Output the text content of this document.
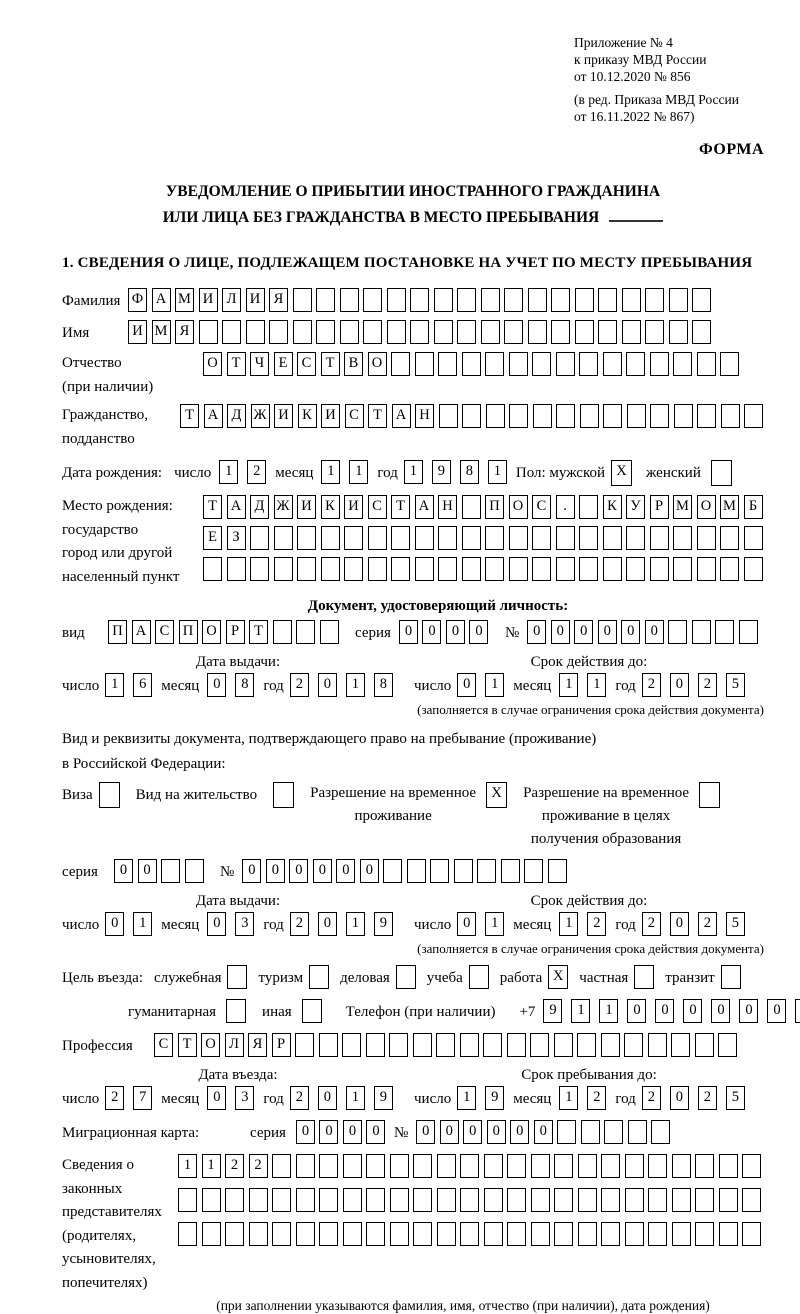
Приложение № 4
к приказу МВД России
от 10.12.2020 № 856
(в ред. Приказа МВД России
от 16.11.2022 № 867)
ФОРМА
УВЕДОМЛЕНИЕ О ПРИБЫТИИ ИНОСТРАННОГО ГРАЖДАНИНА
ИЛИ ЛИЦА БЕЗ ГРАЖДАНСТВА В МЕСТО ПРЕБЫВАНИЯ
1. СВЕДЕНИЯ О ЛИЦЕ, ПОДЛЕЖАЩЕМ ПОСТАНОВКЕ НА УЧЕТ ПО МЕСТУ ПРЕБЫВАНИЯ
Фамилия Ф А М И Л И Я
Имя	И М Я
Отчество
(при наличии)
О Т Ч Е С Т В О
Гражданство,
подданство
Т А Д Ж И К И С Т А Н
Дата рождения: число 1	2 месяц 1	1 год 1	9	8	1 Пол: мужской X	женский
Место рождения:
государство
город или другой
населенный пункт
Т А Д Ж И К И С Т А Н	П О С	.	К У Р М О М Б
Е	З
Документ, удостоверяющий личность:
вид	П А С П О Р	Т	серия 0	0	0	0	№ 0	0	0	0	0	0
Дата выдачи:	Срок действия до:
число 1	6 месяц 0	8 год 2	0	1	8	число 0	1 месяц 1	1 год 2	0	2	5
(заполняется в случае ограничения срока действия документа)
Вид и реквизиты документа, подтверждающего право на пребывание (проживание)
в Российской Федерации:
Виза	Вид на жительство	Разрешение на временное
проживание
X	Разрешение на временное
проживание в целях
получения образования
серия	0	0	№ 0	0	0	0	0	0
Дата выдачи:	Срок действия до:
число 0	1 месяц 0	3 год 2	0	1	9	число 0	1 месяц 1	2 год 2	0	2	5
(заполняется в случае ограничения срока действия документа)
Цель въезда: служебная туризм деловая учеба работа X	частная транзит
гуманитарная	иная	Телефон (при наличии) +7 9	1	1	0	0	0	0	0	0
Профессия	С Т О Л Я	Р
Дата въезда:	Срок пребывания до:
число 2	7 месяц 0	3 год 2	0	1	9	число 1	9 месяц 1	2 год 2	0	2	5
Миграционная карта:	серия	0	0	0	0 № 0	0	0	0	0	0
Сведения о
законных
представителях
(родителях,
усыновителях,
попечителях)
1	1	2	2
(при заполнении указываются фамилия, имя, отчество (при наличии), дата рождения)
